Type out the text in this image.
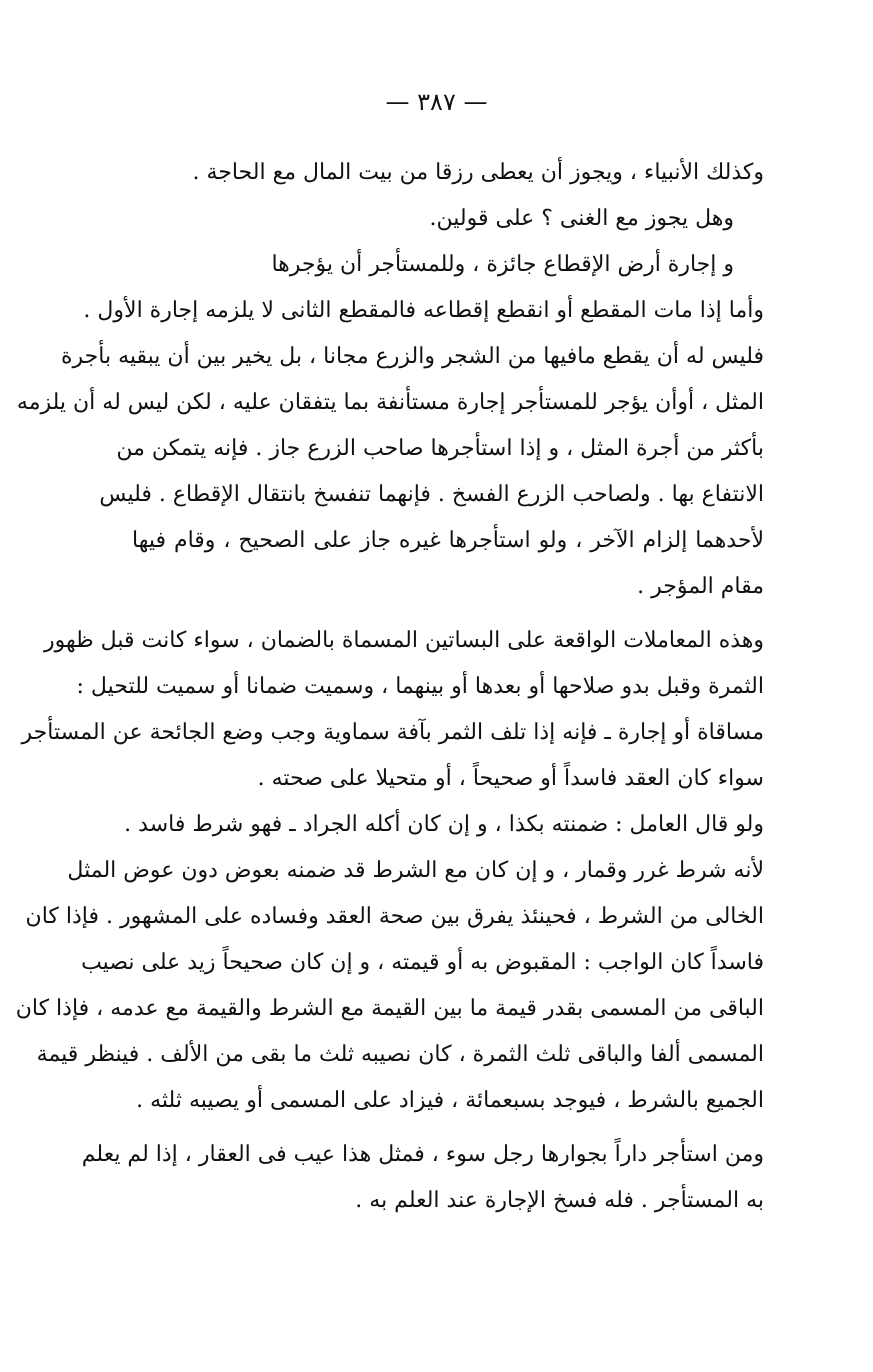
— ٣٨٧ —
وكذلك الأنبياء ، ويجوز أن يعطى رزقا من بيت المال مع الحاجة .
وهل يجوز مع الغنى ؟ على قولين.
و إجارة أرض الإقطاع جائزة ، وللمستأجر أن يؤجرها
وأما إذا مات المقطع أو انقطع إقطاعه فالمقطع الثانى لا يلزمه إجارة الأول .
فليس له أن يقطع مافيها من الشجر والزرع مجانا ، بل يخير بين أن يبقيه بأجرة
المثل ، أوأن يؤجر للمستأجر إجارة مستأنفة بما يتفقان عليه ، لكن ليس له أن يلزمه
بأكثر من أجرة المثل ، و إذا استأجرها صاحب الزرع جاز . فإنه يتمكن من
الانتفاع بها . ولصاحب الزرع الفسخ . فإنهما تنفسخ بانتقال الإقطاع . فليس
لأحدهما إلزام الآخر ، ولو استأجرها غيره جاز على الصحيح ، وقام فيها
مقام المؤجر .
وهذه المعاملات الواقعة على البساتين المسماة بالضمان ، سواء كانت قبل ظهور
الثمرة وقبل بدو صلاحها أو بعدها أو بينهما ، وسميت ضمانا أو سميت للتحيل :
مساقاة أو إجارة ـ فإنه إذا تلف الثمر بآفة سماوية وجب وضع الجائحة عن المستأجر
سواء كان العقد فاسداً أو صحيحاً ، أو متحيلا على صحته .
ولو قال العامل : ضمنته بكذا ، و إن كان أكله الجراد ـ فهو شرط فاسد .
لأنه شرط غرر وقمار ، و إن كان مع الشرط قد ضمنه بعوض دون عوض المثل
الخالى من الشرط ، فحينئذ يفرق بين صحة العقد وفساده على المشهور . فإذا كان
فاسداً كان الواجب : المقبوض به أو قيمته ، و إن كان صحيحاً زيد على نصيب
الباقى من المسمى بقدر قيمة ما بين القيمة مع الشرط والقيمة مع عدمه ، فإذا كان
المسمى ألفا والباقى ثلث الثمرة ، كان نصيبه ثلث ما بقى من الألف . فينظر قيمة
الجميع بالشرط ، فيوجد بسبعمائة ، فيزاد على المسمى أو يصيبه ثلثه .
ومن استأجر داراً بجوارها رجل سوء ، فمثل هذا عيب فى العقار ، إذا لم يعلم
به المستأجر . فله فسخ الإجارة عند العلم به .
